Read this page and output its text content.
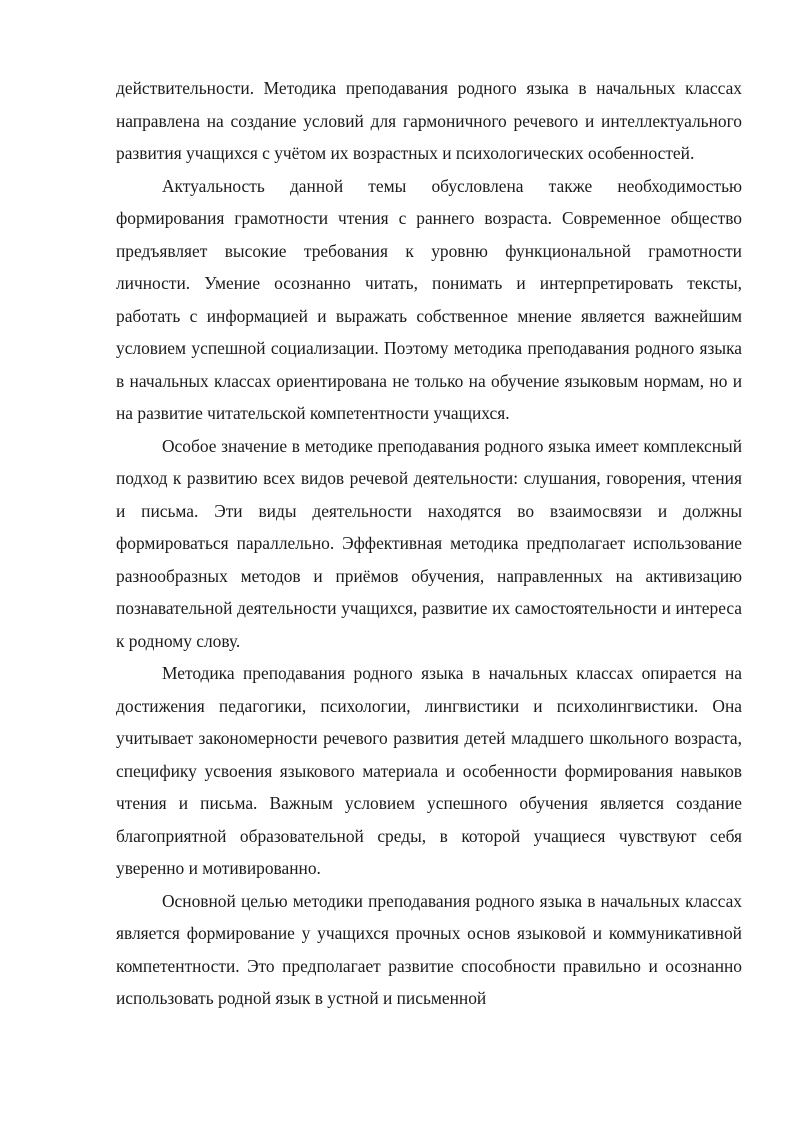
действительности. Методика преподавания родного языка в начальных классах направлена на создание условий для гармоничного речевого и интеллектуального развития учащихся с учётом их возрастных и психологических особенностей.

Актуальность данной темы обусловлена также необходимостью формирования грамотности чтения с раннего возраста. Современное общество предъявляет высокие требования к уровню функциональной грамотности личности. Умение осознанно читать, понимать и интерпретировать тексты, работать с информацией и выражать собственное мнение является важнейшим условием успешной социализации. Поэтому методика преподавания родного языка в начальных классах ориентирована не только на обучение языковым нормам, но и на развитие читательской компетентности учащихся.

Особое значение в методике преподавания родного языка имеет комплексный подход к развитию всех видов речевой деятельности: слушания, говорения, чтения и письма. Эти виды деятельности находятся во взаимосвязи и должны формироваться параллельно. Эффективная методика предполагает использование разнообразных методов и приёмов обучения, направленных на активизацию познавательной деятельности учащихся, развитие их самостоятельности и интереса к родному слову.

Методика преподавания родного языка в начальных классах опирается на достижения педагогики, психологии, лингвистики и психолингвистики. Она учитывает закономерности речевого развития детей младшего школьного возраста, специфику усвоения языкового материала и особенности формирования навыков чтения и письма. Важным условием успешного обучения является создание благоприятной образовательной среды, в которой учащиеся чувствуют себя уверенно и мотивированно.

Основной целью методики преподавания родного языка в начальных классах является формирование у учащихся прочных основ языковой и коммуникативной компетентности. Это предполагает развитие способности правильно и осознанно использовать родной язык в устной и письменной
